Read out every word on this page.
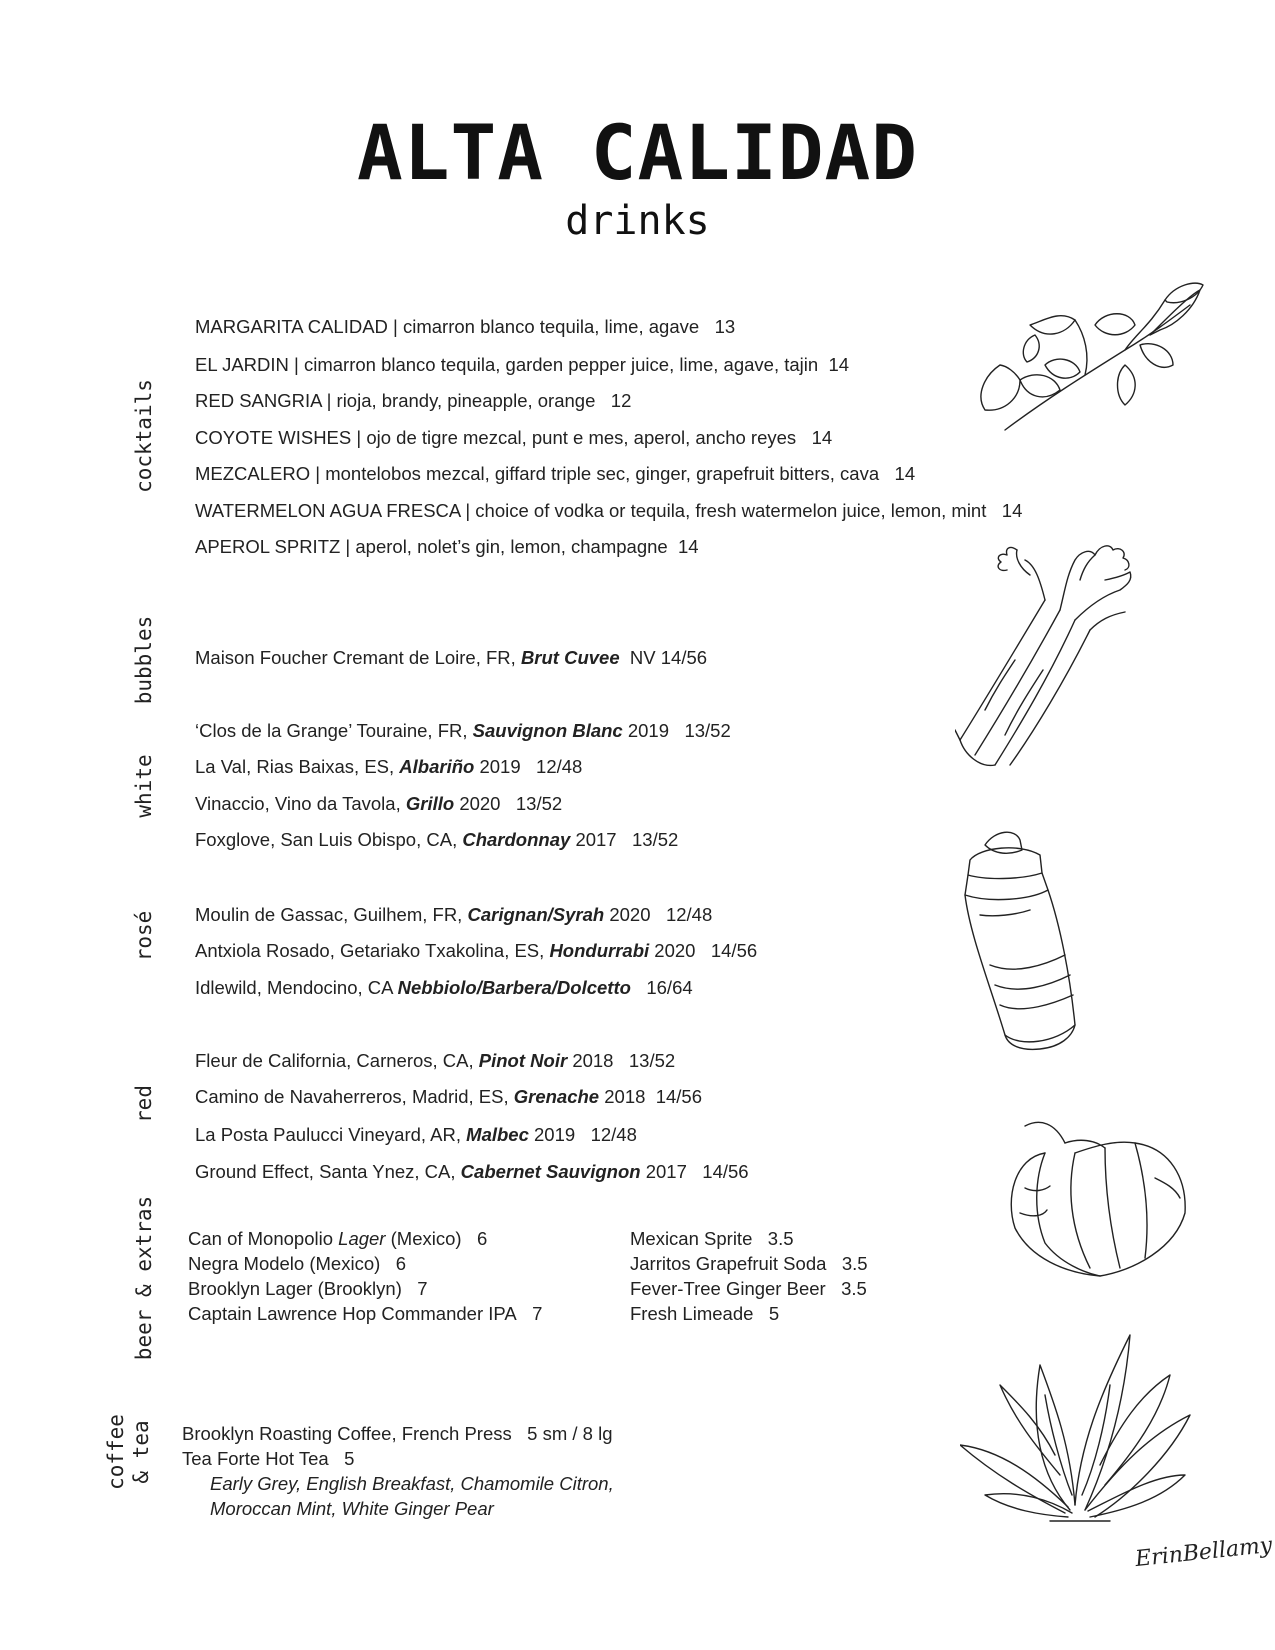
ALTA CALIDAD
drinks
cocktails
bubbles
white
rosé
red
beer & extras
coffee & tea
MARGARITA CALIDAD | cimarron blanco tequila, lime, agave 13
EL JARDIN | cimarron blanco tequila, garden pepper juice, lime, agave, tajin 14
RED SANGRIA | rioja, brandy, pineapple, orange 12
COYOTE WISHES | ojo de tigre mezcal, punt e mes, aperol, ancho reyes 14
MEZCALERO | montelobos mezcal, giffard triple sec, ginger, grapefruit bitters, cava 14
WATERMELON AGUA FRESCA | choice of vodka or tequila, fresh watermelon juice, lemon, mint 14
APEROL SPRITZ | aperol, nolet’s gin, lemon, champagne 14
Maison Foucher Cremant de Loire, FR, Brut Cuvee NV 14/56
‘Clos de la Grange’ Touraine, FR, Sauvignon Blanc 2019 13/52
La Val, Rias Baixas, ES, Albariño 2019 12/48
Vinaccio, Vino da Tavola, Grillo 2020 13/52
Foxglove, San Luis Obispo, CA, Chardonnay 2017 13/52
Moulin de Gassac, Guilhem, FR, Carignan/Syrah 2020 12/48
Antxiola Rosado, Getariako Txakolina, ES, Hondurrabi 2020 14/56
Idlewild, Mendocino, CA Nebbiolo/Barbera/Dolcetto 16/64
Fleur de California, Carneros, CA, Pinot Noir 2018 13/52
Camino de Navaherreros, Madrid, ES, Grenache 2018 14/56
La Posta Paulucci Vineyard, AR, Malbec 2019 12/48
Ground Effect, Santa Ynez, CA, Cabernet Sauvignon 2017 14/56
Can of Monopolio Lager (Mexico) 6
Negra Modelo (Mexico) 6
Brooklyn Lager (Brooklyn) 7
Captain Lawrence Hop Commander IPA 7
Mexican Sprite 3.5
Jarritos Grapefruit Soda 3.5
Fever-Tree Ginger Beer 3.5
Fresh Limeade 5
Brooklyn Roasting Coffee, French Press 5 sm / 8 lg
Tea Forte Hot Tea 5
Early Grey, English Breakfast, Chamomile Citron,
Moroccan Mint, White Ginger Pear
ErinBellamy
